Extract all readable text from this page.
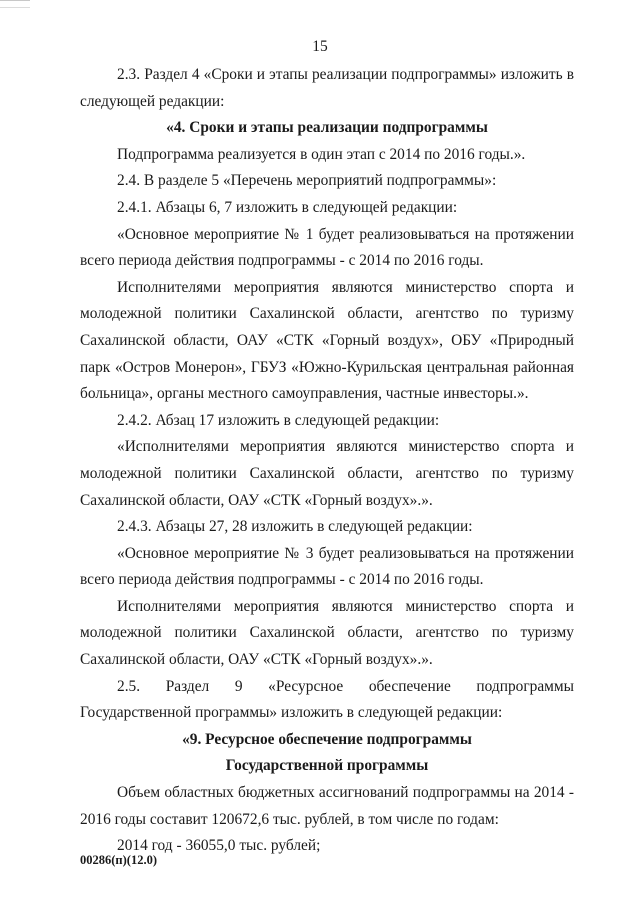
15

2.3. Раздел 4 «Сроки и этапы реализации подпрограммы» изложить в следующей редакции:

«4. Сроки и этапы реализации подпрограммы

Подпрограмма реализуется в один этап с 2014 по 2016 годы.».

2.4. В разделе 5 «Перечень мероприятий подпрограммы»:

2.4.1. Абзацы 6, 7 изложить в следующей редакции:

«Основное мероприятие № 1 будет реализовываться на протяжении всего периода действия подпрограммы - с 2014 по 2016 годы.

Исполнителями мероприятия являются министерство спорта и молодежной политики Сахалинской области, агентство по туризму Сахалинской области, ОАУ «СТК «Горный воздух», ОБУ «Природный парк «Остров Монерон», ГБУЗ «Южно-Курильская центральная районная больница», органы местного самоуправления, частные инвесторы.».

2.4.2. Абзац 17 изложить в следующей редакции:

«Исполнителями мероприятия являются министерство спорта и молодежной политики Сахалинской области, агентство по туризму Сахалинской области, ОАУ «СТК «Горный воздух».».

2.4.3. Абзацы 27, 28 изложить в следующей редакции:

«Основное мероприятие № 3 будет реализовываться на протяжении всего периода действия подпрограммы - с 2014 по 2016 годы.

Исполнителями мероприятия являются министерство спорта и молодежной политики Сахалинской области, агентство по туризму Сахалинской области, ОАУ «СТК «Горный воздух».».

2.5. Раздел 9 «Ресурсное обеспечение подпрограммы Государственной программы» изложить в следующей редакции:

«9. Ресурсное обеспечение подпрограммы

Государственной программы

Объем областных бюджетных ассигнований подпрограммы на 2014 - 2016 годы составит 120672,6 тыс. рублей, в том числе по годам:

2014 год - 36055,0 тыс. рублей;

00286(п)(12.0)
